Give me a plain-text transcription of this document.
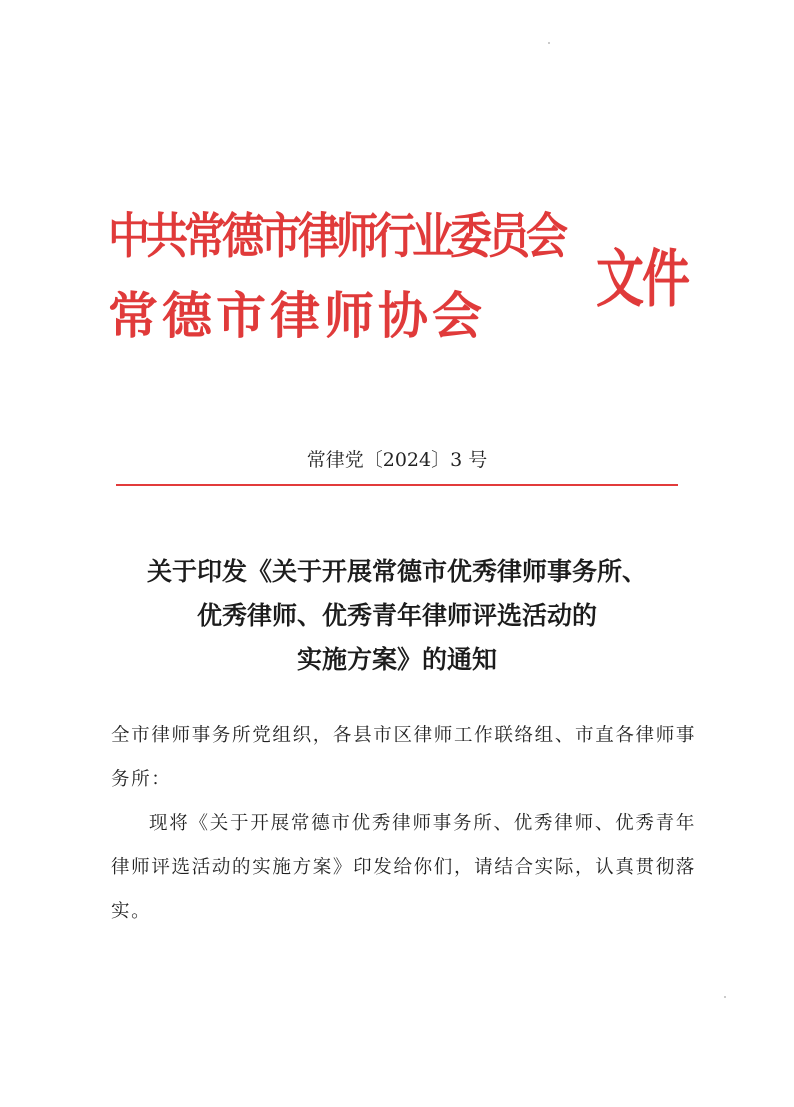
中共常德市律师行业委员会
常德市律师协会	文件
常律党〔2024〕3 号
关于印发《关于开展常德市优秀律师事务所、
优秀律师、优秀青年律师评选活动的
实施方案》的通知

全市律师事务所党组织，各县市区律师工作联络组、市直各律师事务所：

现将《关于开展常德市优秀律师事务所、优秀律师、优秀青年律师评选活动的实施方案》印发给你们，请结合实际，认真贯彻落实。
